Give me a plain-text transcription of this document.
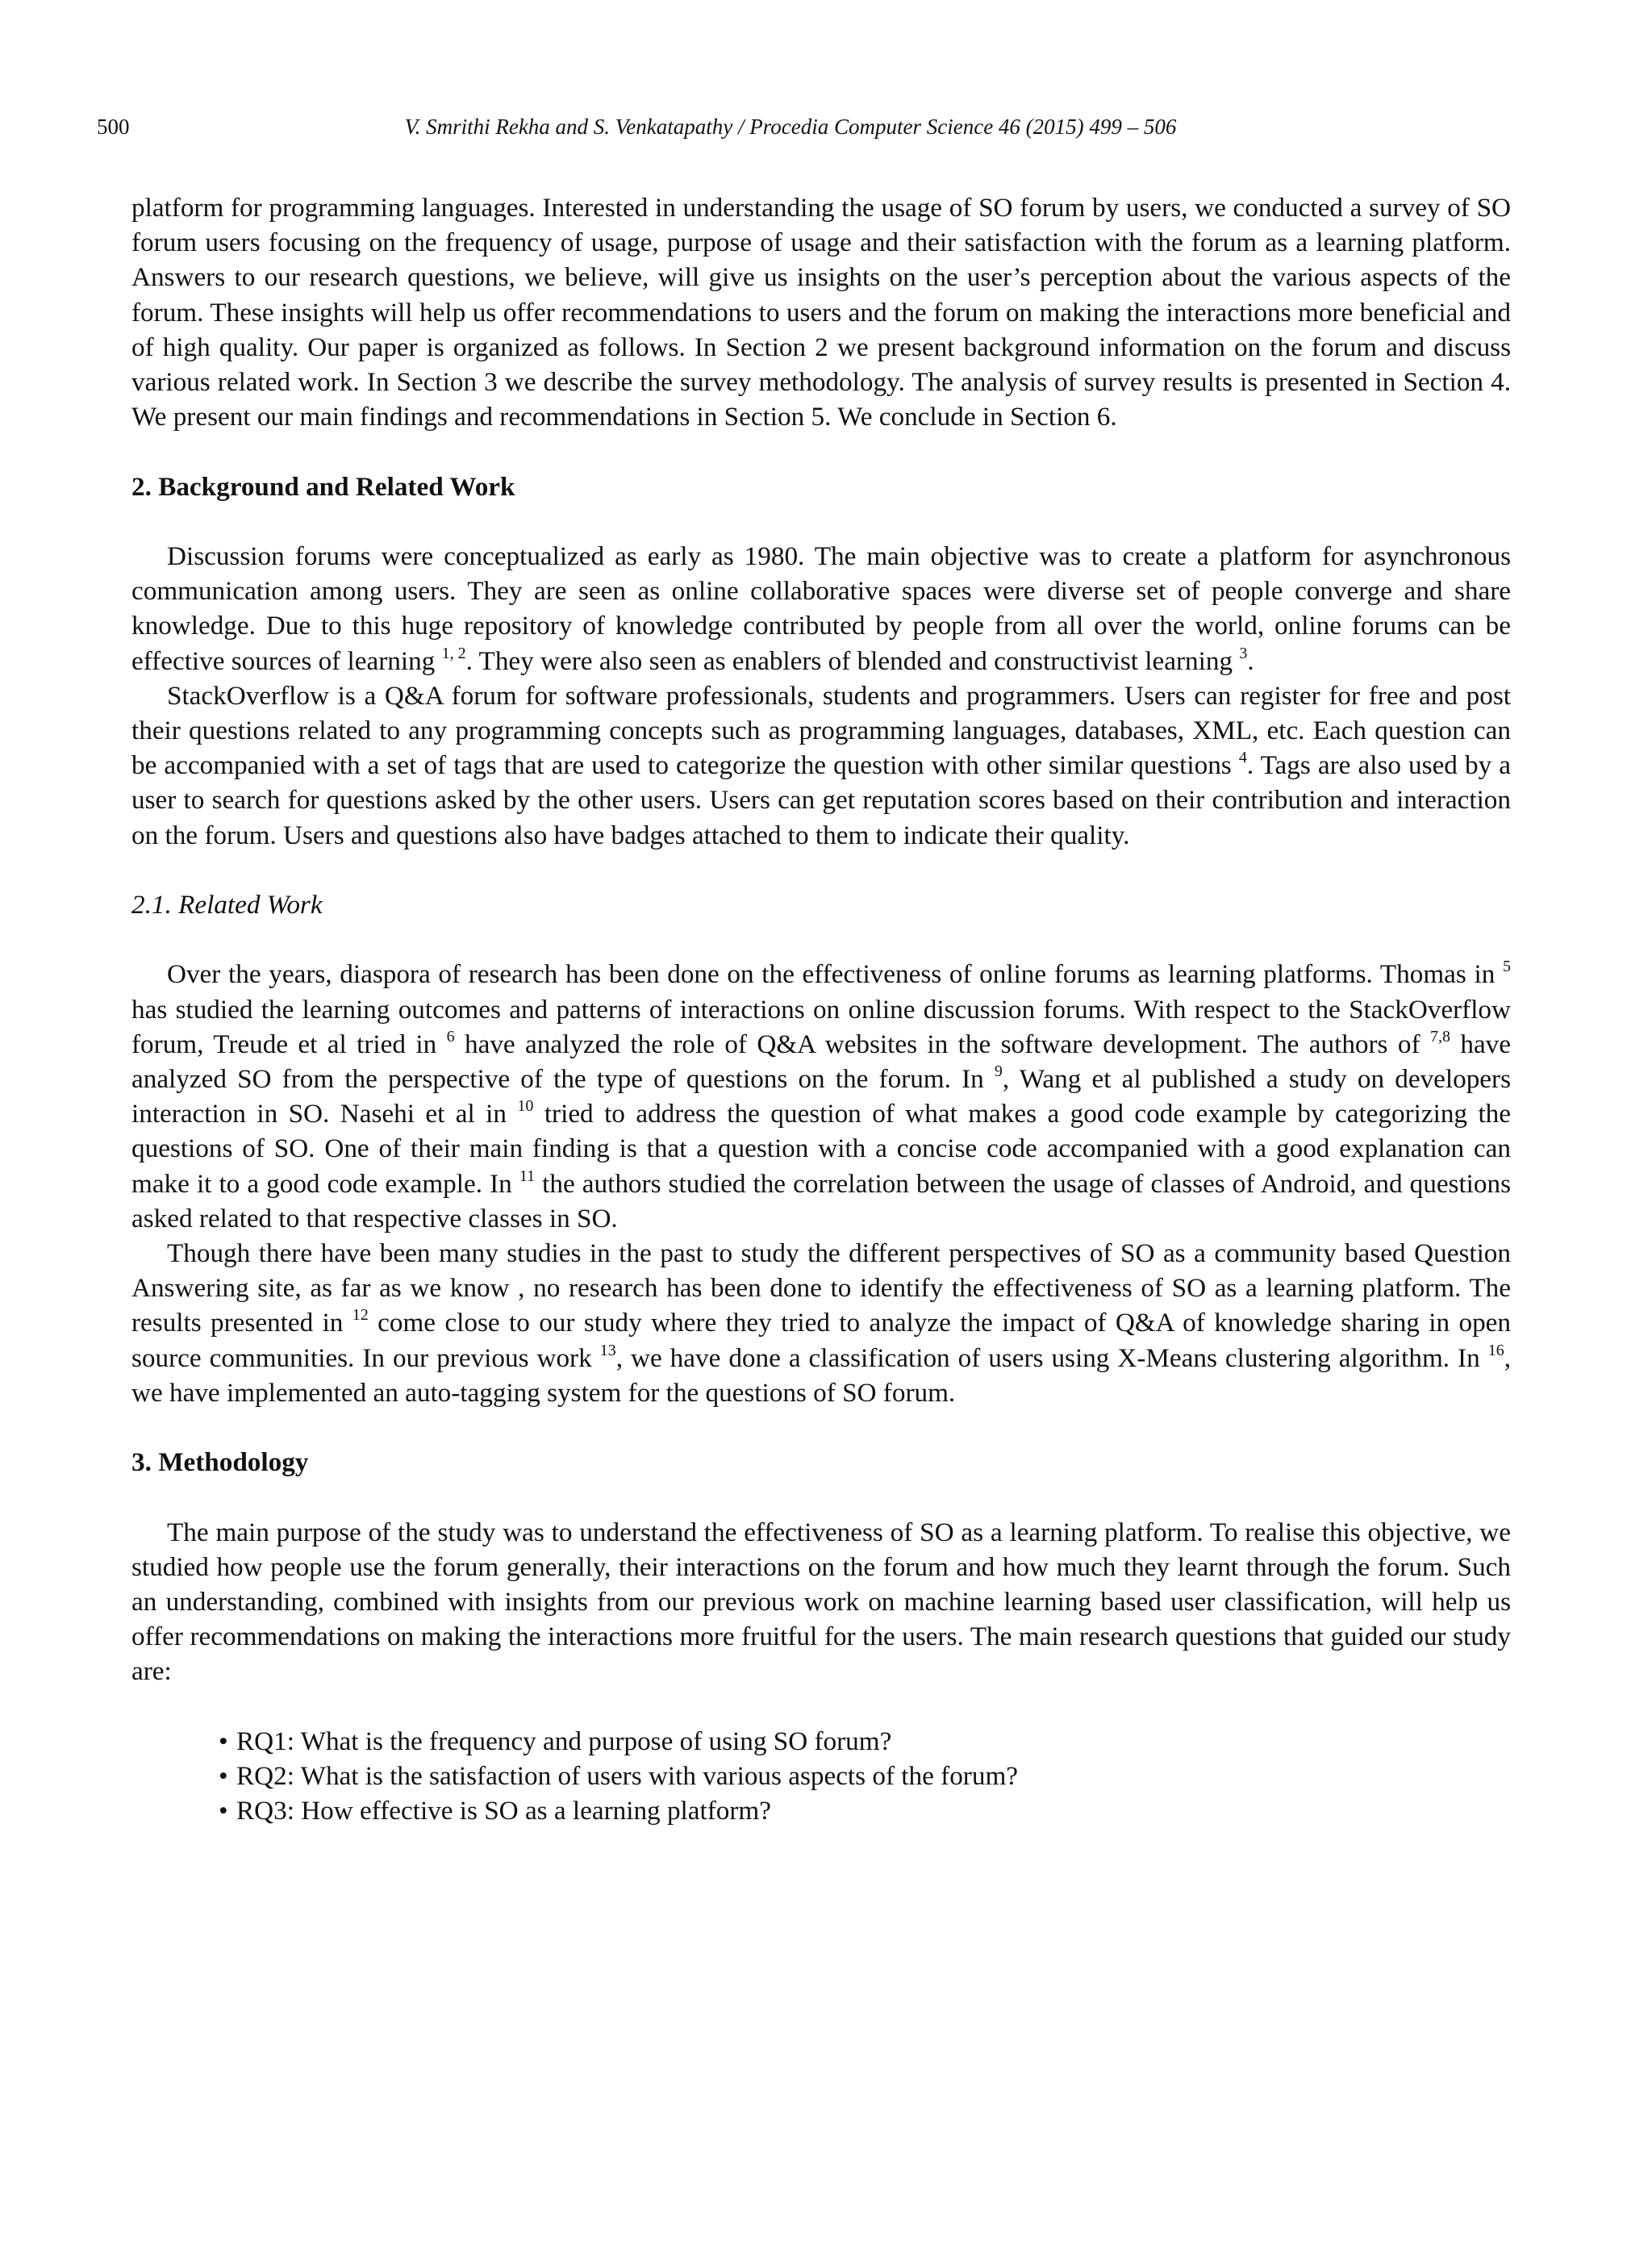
500	V. Smrithi Rekha and S. Venkatapathy / Procedia Computer Science 46 (2015) 499 – 506

platform for programming languages. Interested in understanding the usage of SO forum by users, we conducted a survey of SO forum users focusing on the frequency of usage, purpose of usage and their satisfaction with the forum as a learning platform. Answers to our research questions, we believe, will give us insights on the user’s perception about the various aspects of the forum. These insights will help us offer recommendations to users and the forum on making the interactions more beneficial and of high quality. Our paper is organized as follows. In Section 2 we present background information on the forum and discuss various related work. In Section 3 we describe the survey methodology. The analysis of survey results is presented in Section 4. We present our main findings and recommendations in Section 5. We conclude in Section 6.

2. Background and Related Work

Discussion forums were conceptualized as early as 1980. The main objective was to create a platform for asynchronous communication among users. They are seen as online collaborative spaces were diverse set of people converge and share knowledge. Due to this huge repository of knowledge contributed by people from all over the world, online forums can be effective sources of learning $^{1, 2}$. They were also seen as enablers of blended and constructivist learning $^3$.

StackOverflow is a Q&A forum for software professionals, students and programmers. Users can register for free and post their questions related to any programming concepts such as programming languages, databases, XML, etc. Each question can be accompanied with a set of tags that are used to categorize the question with other similar questions $^4$. Tags are also used by a user to search for questions asked by the other users. Users can get reputation scores based on their contribution and interaction on the forum. Users and questions also have badges attached to them to indicate their quality.

2.1. Related Work

Over the years, diaspora of research has been done on the effectiveness of online forums as learning platforms. Thomas in $^5$ has studied the learning outcomes and patterns of interactions on online discussion forums. With respect to the StackOverflow forum, Treude et al tried in $^6$ have analyzed the role of Q&A websites in the software development. The authors of $^{7,8}$ have analyzed SO from the perspective of the type of questions on the forum. In $^9$, Wang et al published a study on developers interaction in SO. Nasehi et al in $^{10}$ tried to address the question of what makes a good code example by categorizing the questions of SO. One of their main finding is that a question with a concise code accompanied with a good explanation can make it to a good code example. In $^{11}$ the authors studied the correlation between the usage of classes of Android, and questions asked related to that respective classes in SO.

Though there have been many studies in the past to study the different perspectives of SO as a community based Question Answering site, as far as we know , no research has been done to identify the effectiveness of SO as a learning platform. The results presented in $^{12}$ come close to our study where they tried to analyze the impact of Q&A of knowledge sharing in open source communities. In our previous work $^{13}$, we have done a classification of users using X-Means clustering algorithm. In $^{16}$, we have implemented an auto-tagging system for the questions of SO forum.

3. Methodology

The main purpose of the study was to understand the effectiveness of SO as a learning platform. To realise this objective, we studied how people use the forum generally, their interactions on the forum and how much they learnt through the forum. Such an understanding, combined with insights from our previous work on machine learning based user classification, will help us offer recommendations on making the interactions more fruitful for the users. The main research questions that guided our study are:

• RQ1: What is the frequency and purpose of using SO forum?
• RQ2: What is the satisfaction of users with various aspects of the forum?
• RQ3: How effective is SO as a learning platform?
